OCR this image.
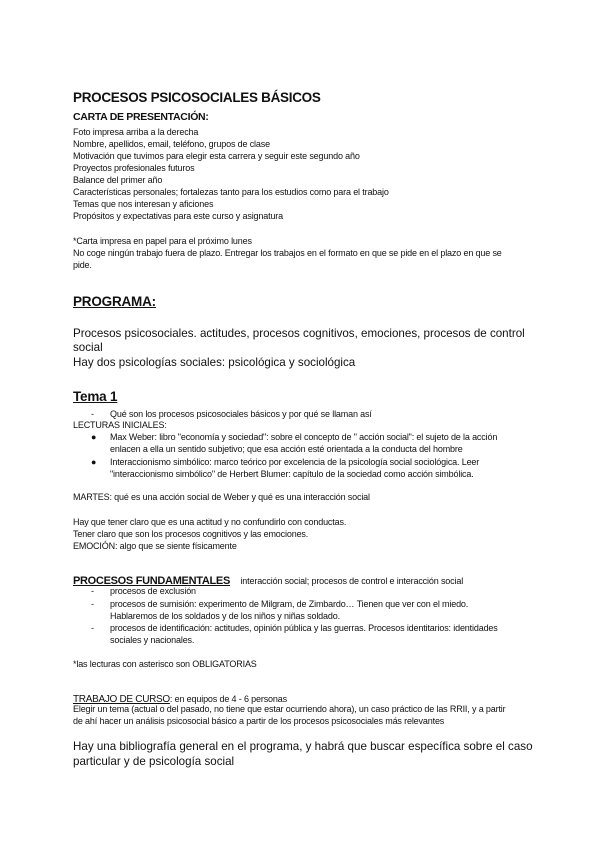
PROCESOS PSICOSOCIALES BÁSICOS
CARTA DE PRESENTACIÓN:
Foto impresa arriba a la derecha
Nombre, apellidos, email, teléfono, grupos de clase
Motivación que tuvimos para elegir esta carrera y seguir este segundo año
Proyectos profesionales futuros
Balance del primer año
Características personales; fortalezas tanto para los estudios como para el trabajo
Temas que nos interesan y aficiones
Propósitos y expectativas para este curso y asignatura
*Carta impresa en papel para el próximo lunes
No coge ningún trabajo fuera de plazo. Entregar los trabajos en el formato en que se pide en el plazo en que se
pide.
PROGRAMA:
Procesos psicosociales. actitudes, procesos cognitivos, emociones, procesos de control
social
Hay dos psicologías sociales: psicológica y sociológica
Tema 1
- Qué son los procesos psicosociales básicos y por qué se llaman así
LECTURAS INICIALES:
● Max Weber: libro "economía y sociedad": sobre el concepto de " acción social": el sujeto de la acción
enlacen a ella un sentido subjetivo; que esa acción esté orientada a la conducta del hombre
● Interaccionismo simbólico: marco teórico por excelencia de la psicología social sociológica. Leer
"interaccionismo simbólico" de Herbert Blumer: capítulo de la sociedad como acción simbólica.
MARTES: qué es una acción social de Weber y qué es una interacción social
Hay que tener claro que es una actitud y no confundirlo con conductas.
Tener claro que son los procesos cognitivos y las emociones.
EMOCIÓN: algo que se siente físicamente
PROCESOS FUNDAMENTALES interacción social; procesos de control e interacción social
- procesos de exclusión
- procesos de sumisión: experimento de Milgram, de Zimbardo… Tienen que ver con el miedo.
Hablaremos de los soldados y de los niños y niñas soldado.
- procesos de identificación: actitudes, opinión pública y las guerras. Procesos identitarios: identidades
sociales y nacionales.
*las lecturas con asterisco son OBLIGATORIAS
TRABAJO DE CURSO: en equipos de 4 - 6 personas
Elegir un tema (actual o del pasado, no tiene que estar ocurriendo ahora), un caso práctico de las RRII, y a partir
de ahí hacer un análisis psicosocial básico a partir de los procesos psicosociales más relevantes
Hay una bibliografía general en el programa, y habrá que buscar específica sobre el caso
particular y de psicología social
